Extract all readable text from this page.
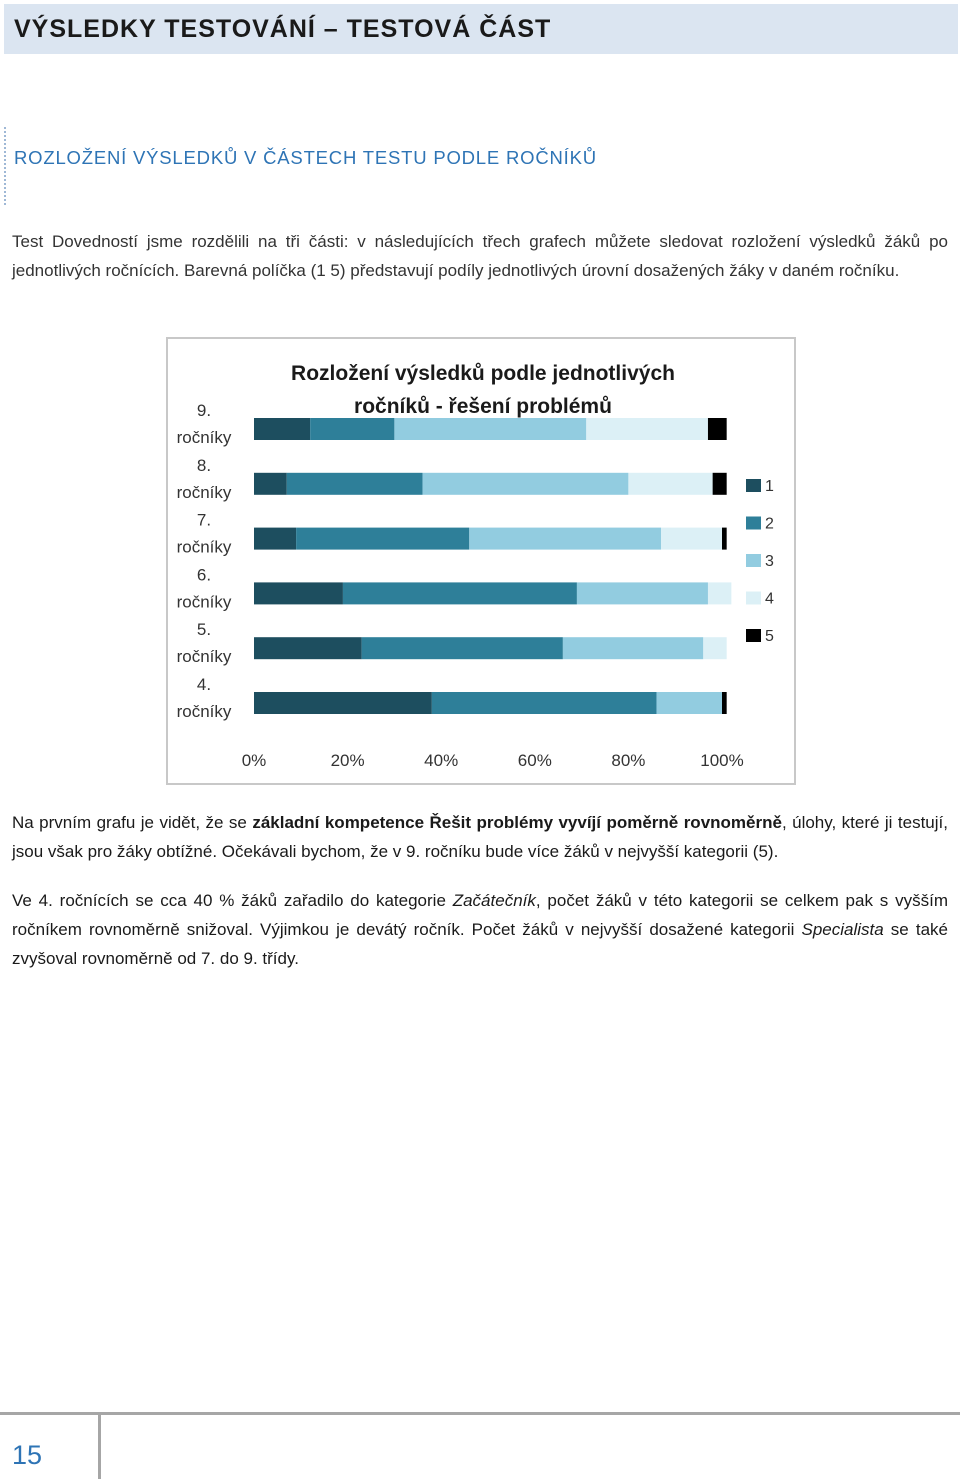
VÝSLEDKY TESTOVÁNÍ – TESTOVÁ ČÁST
ROZLOŽENÍ VÝSLEDKŮ V ČÁSTECH TESTU PODLE ROČNÍKŮ

Test Dovedností jsme rozdělili na tři části: v následujících třech grafech můžete sledovat rozložení výsledků žáků po jednotlivých ročnících. Barevná políčka (1 5) představují podíly jednotlivých úrovní dosažených žáky v daném ročníku.

Rozložení výsledků podle jednotlivých
ročníků - řešení problémů
9.
ročníky
8.
ročníky
7.
ročníky
6.
ročníky
5.
ročníky
4.
ročníky
0%	20%	40%	60%	80%	100%
1
2
3
4
5

Na prvním grafu je vidět, že se základní kompetence Řešit problémy vyvíjí poměrně rovnoměrně, úlohy, které ji testují, jsou však pro žáky obtížné. Očekávali bychom, že v 9. ročníku bude více žáků v nejvyšší kategorii (5).

Ve 4. ročnících se cca 40 % žáků zařadilo do kategorie Začátečník, počet žáků v této kategorii se celkem pak s vyšším ročníkem rovnoměrně snižoval. Výjimkou je devátý ročník. Počet žáků v nejvyšší dosažené kategorii Specialista se také zvyšoval rovnoměrně od 7. do 9. třídy.

15
